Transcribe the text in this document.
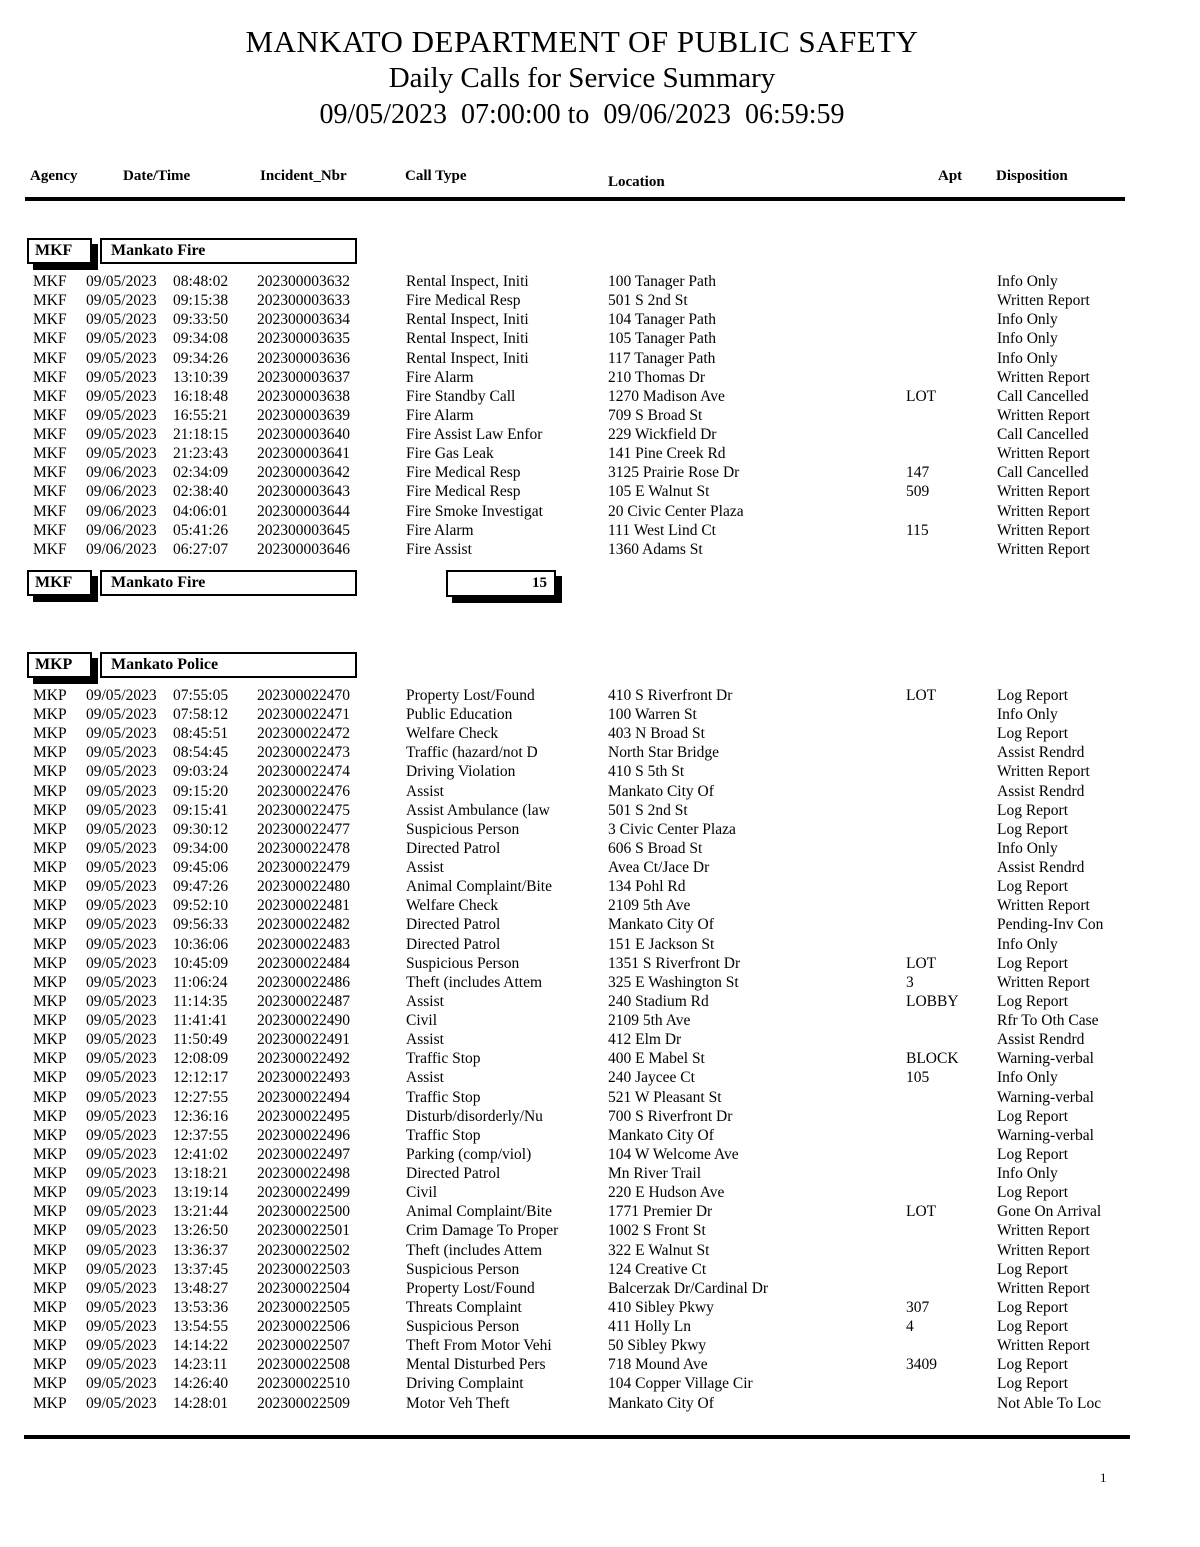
MANKATO DEPARTMENT OF PUBLIC SAFETY
Daily Calls for Service Summary
09/05/2023  07:00:00 to  09/06/2023  06:59:59
Agency	Date/Time	Incident_Nbr	Call Type	Location	Apt Disposition
MKF	Mankato Fire
MKF 09/05/2023 08:48:02 202300003632	Rental Inspect, Initi	100 Tanager Path	Info Only
MKF 09/05/2023 09:15:38 202300003633	Fire Medical Resp	501 S 2nd St	Written Report
MKF 09/05/2023 09:33:50 202300003634	Rental Inspect, Initi	104 Tanager Path	Info Only
MKF 09/05/2023 09:34:08 202300003635	Rental Inspect, Initi	105 Tanager Path	Info Only
MKF 09/05/2023 09:34:26 202300003636	Rental Inspect, Initi	117 Tanager Path	Info Only
MKF 09/05/2023 13:10:39 202300003637	Fire Alarm	210 Thomas Dr	Written Report
MKF 09/05/2023 16:18:48 202300003638	Fire Standby Call	1270 Madison Ave	LOT	Call Cancelled
MKF 09/05/2023 16:55:21 202300003639	Fire Alarm	709 S Broad St	Written Report
MKF 09/05/2023 21:18:15 202300003640	Fire Assist Law Enfor	229 Wickfield Dr	Call Cancelled
MKF 09/05/2023 21:23:43 202300003641	Fire Gas Leak	141 Pine Creek Rd	Written Report
MKF 09/06/2023 02:34:09 202300003642	Fire Medical Resp	3125 Prairie Rose Dr	147	Call Cancelled
MKF 09/06/2023 02:38:40 202300003643	Fire Medical Resp	105 E Walnut St	509	Written Report
MKF 09/06/2023 04:06:01 202300003644	Fire Smoke Investigat	20 Civic Center Plaza	Written Report
MKF 09/06/2023 05:41:26 202300003645	Fire Alarm	111 West Lind Ct	115	Written Report
MKF 09/06/2023 06:27:07 202300003646	Fire Assist	1360 Adams St	Written Report
MKF	Mankato Fire	15
MKP	Mankato Police
MKP 09/05/2023 07:55:05 202300022470	Property Lost/Found	410 S Riverfront Dr	LOT	Log Report
MKP 09/05/2023 07:58:12 202300022471	Public Education	100 Warren St	Info Only
MKP 09/05/2023 08:45:51 202300022472	Welfare Check	403 N Broad St	Log Report
MKP 09/05/2023 08:54:45 202300022473	Traffic (hazard/not D	North Star Bridge	Assist Rendrd
MKP 09/05/2023 09:03:24 202300022474	Driving Violation	410 S 5th St	Written Report
MKP 09/05/2023 09:15:20 202300022476	Assist	Mankato City Of	Assist Rendrd
MKP 09/05/2023 09:15:41 202300022475	Assist Ambulance (law	501 S 2nd St	Log Report
MKP 09/05/2023 09:30:12 202300022477	Suspicious Person	3 Civic Center Plaza	Log Report
MKP 09/05/2023 09:34:00 202300022478	Directed Patrol	606 S Broad St	Info Only
MKP 09/05/2023 09:45:06 202300022479	Assist	Avea Ct/Jace Dr	Assist Rendrd
MKP 09/05/2023 09:47:26 202300022480	Animal Complaint/Bite	134 Pohl Rd	Log Report
MKP 09/05/2023 09:52:10 202300022481	Welfare Check	2109 5th Ave	Written Report
MKP 09/05/2023 09:56:33 202300022482	Directed Patrol	Mankato City Of	Pending-Inv Con
MKP 09/05/2023 10:36:06 202300022483	Directed Patrol	151 E Jackson St	Info Only
MKP 09/05/2023 10:45:09 202300022484	Suspicious Person	1351 S Riverfront Dr	LOT	Log Report
MKP 09/05/2023 11:06:24 202300022486	Theft (includes Attem	325 E Washington St	3	Written Report
MKP 09/05/2023 11:14:35 202300022487	Assist	240 Stadium Rd	LOBBY Log Report
MKP 09/05/2023 11:41:41 202300022490	Civil	2109 5th Ave	Rfr To Oth Case
MKP 09/05/2023 11:50:49 202300022491	Assist	412 Elm Dr	Assist Rendrd
MKP 09/05/2023 12:08:09 202300022492	Traffic Stop	400 E Mabel St	BLOCK Warning-verbal
MKP 09/05/2023 12:12:17 202300022493	Assist	240 Jaycee Ct	105	Info Only
MKP 09/05/2023 12:27:55 202300022494	Traffic Stop	521 W Pleasant St	Warning-verbal
MKP 09/05/2023 12:36:16 202300022495	Disturb/disorderly/Nu	700 S Riverfront Dr	Log Report
MKP 09/05/2023 12:37:55 202300022496	Traffic Stop	Mankato City Of	Warning-verbal
MKP 09/05/2023 12:41:02 202300022497	Parking (comp/viol)	104 W Welcome Ave	Log Report
MKP 09/05/2023 13:18:21 202300022498	Directed Patrol	Mn River Trail	Info Only
MKP 09/05/2023 13:19:14 202300022499	Civil	220 E Hudson Ave	Log Report
MKP 09/05/2023 13:21:44 202300022500	Animal Complaint/Bite	1771 Premier Dr	LOT	Gone On Arrival
MKP 09/05/2023 13:26:50 202300022501	Crim Damage To Proper	1002 S Front St	Written Report
MKP 09/05/2023 13:36:37 202300022502	Theft (includes Attem	322 E Walnut St	Written Report
MKP 09/05/2023 13:37:45 202300022503	Suspicious Person	124 Creative Ct	Log Report
MKP 09/05/2023 13:48:27 202300022504	Property Lost/Found	Balcerzak Dr/Cardinal Dr	Written Report
MKP 09/05/2023 13:53:36 202300022505	Threats Complaint	410 Sibley Pkwy	307	Log Report
MKP 09/05/2023 13:54:55 202300022506	Suspicious Person	411 Holly Ln	4	Log Report
MKP 09/05/2023 14:14:22 202300022507	Theft From Motor Vehi	50 Sibley Pkwy	Written Report
MKP 09/05/2023 14:23:11 202300022508	Mental Disturbed Pers	718 Mound Ave	3409	Log Report
MKP 09/05/2023 14:26:40 202300022510	Driving Complaint	104 Copper Village Cir	Log Report
MKP 09/05/2023 14:28:01 202300022509	Motor Veh Theft	Mankato City Of	Not Able To Loc
1
